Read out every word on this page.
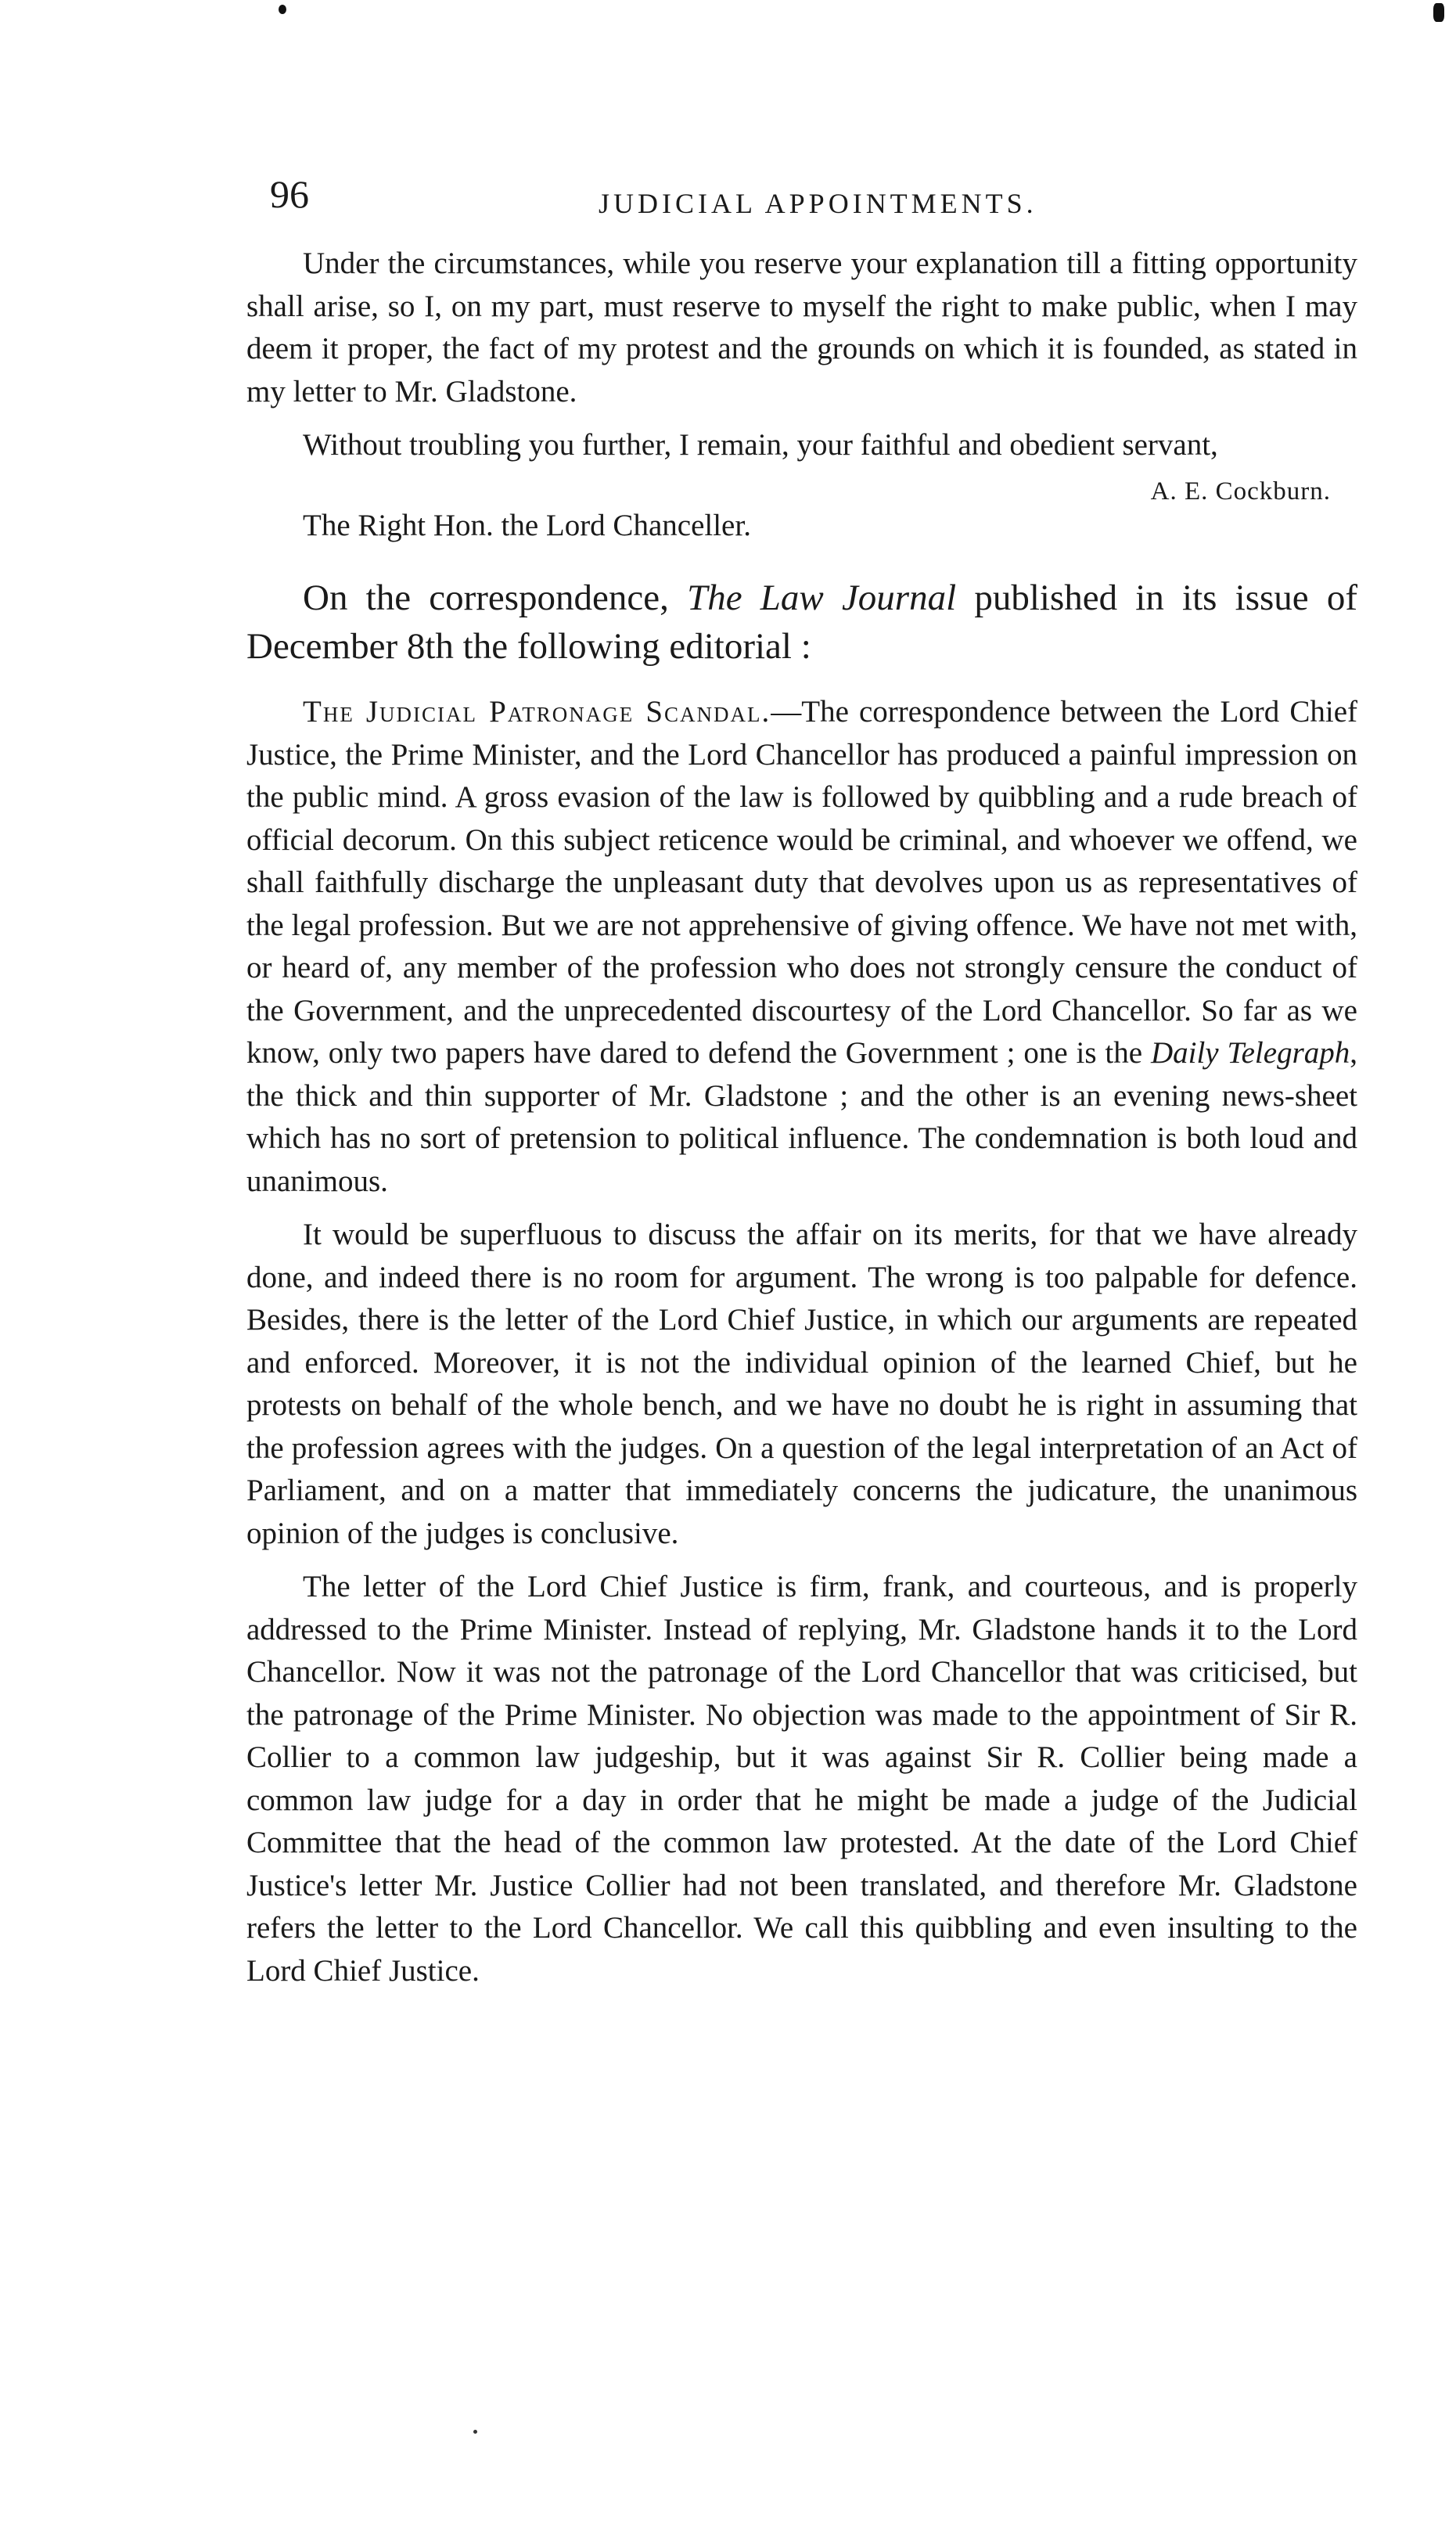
96	JUDICIAL APPOINTMENTS.

Under the circumstances, while you reserve your explanation till a fitting opportunity shall arise, so I, on my part, must reserve to myself the right to make public, when I may deem it proper, the fact of my protest and the grounds on which it is founded, as stated in my letter to Mr. Gladstone.

Without troubling you further, I remain, your faithful and obedient servant,

A. E. Cockburn.

The Right Hon. the Lord Chanceller.

On the correspondence, The Law Journal published in its issue of December 8th the following editorial :

The Judicial Patronage Scandal.—The correspondence between the Lord Chief Justice, the Prime Minister, and the Lord Chancellor has produced a painful impression on the public mind. A gross evasion of the law is followed by quibbling and a rude breach of official decorum. On this subject reticence would be criminal, and whoever we offend, we shall faithfully discharge the unpleasant duty that devolves upon us as representatives of the legal profession. But we are not apprehensive of giving offence. We have not met with, or heard of, any member of the profession who does not strongly censure the conduct of the Government, and the unprecedented discourtesy of the Lord Chancellor. So far as we know, only two papers have dared to defend the Government ; one is the Daily Telegraph, the thick and thin supporter of Mr. Gladstone ; and the other is an evening news-sheet which has no sort of pretension to political influence. The condemnation is both loud and unanimous.

It would be superfluous to discuss the affair on its merits, for that we have already done, and indeed there is no room for argument. The wrong is too palpable for defence. Besides, there is the letter of the Lord Chief Justice, in which our arguments are repeated and enforced. Moreover, it is not the individual opinion of the learned Chief, but he protests on behalf of the whole bench, and we have no doubt he is right in assuming that the profession agrees with the judges. On a question of the legal interpretation of an Act of Parliament, and on a matter that immediately concerns the judicature, the unanimous opinion of the judges is conclusive.

The letter of the Lord Chief Justice is firm, frank, and courteous, and is properly addressed to the Prime Minister. Instead of replying, Mr. Gladstone hands it to the Lord Chancellor. Now it was not the patronage of the Lord Chancellor that was criticised, but the patronage of the Prime Minister. No objection was made to the appointment of Sir R. Collier to a common law judgeship, but it was against Sir R. Collier being made a common law judge for a day in order that he might be made a judge of the Judicial Committee that the head of the common law protested. At the date of the Lord Chief Justice's letter Mr. Justice Collier had not been translated, and therefore Mr. Gladstone refers the letter to the Lord Chancellor. We call this quibbling and even insulting to the Lord Chief Justice.
